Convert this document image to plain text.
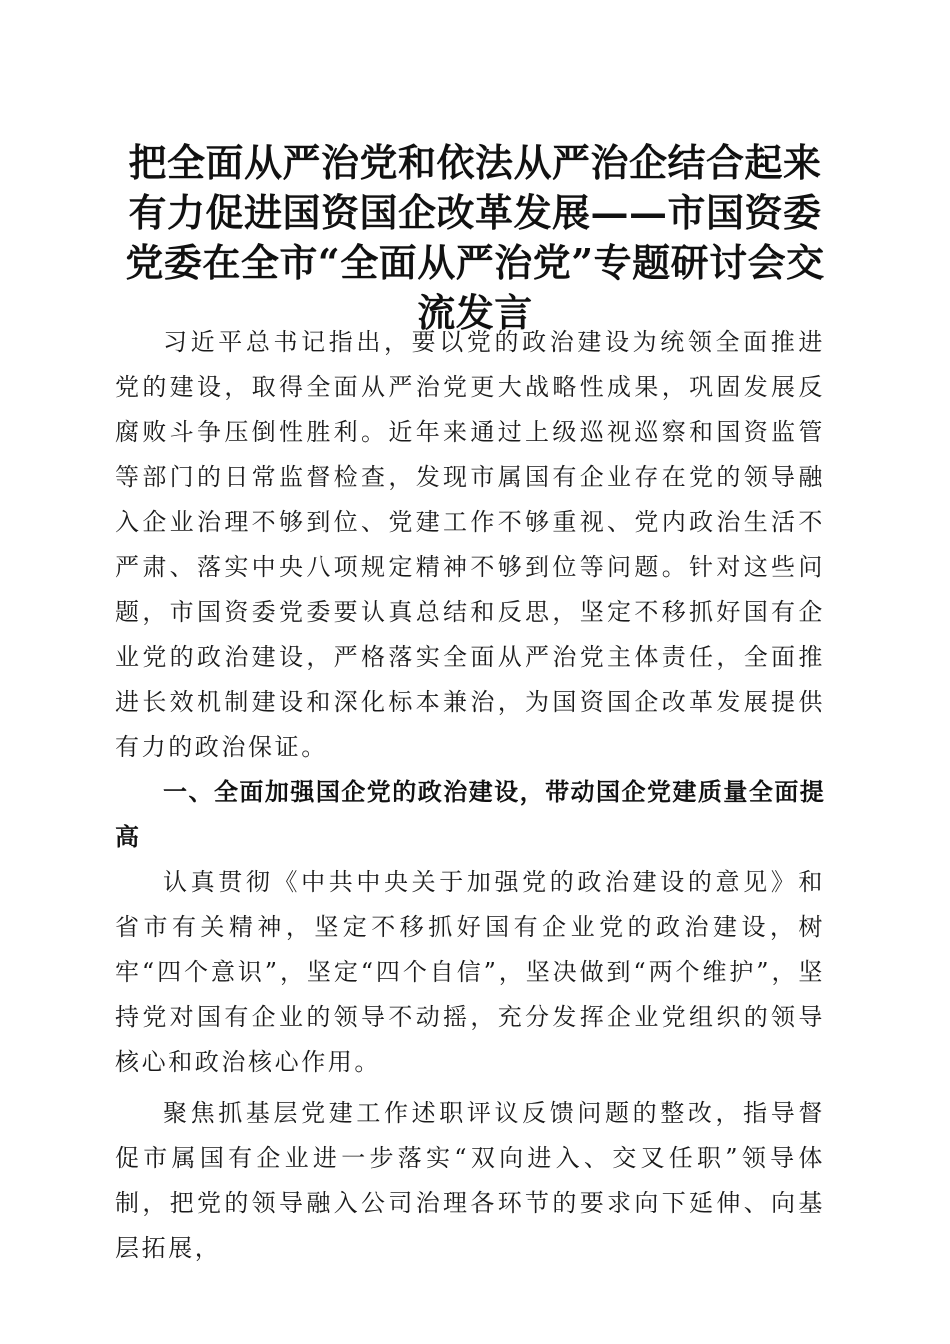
把全面从严治党和依法从严治企结合起来有力促进国资国企改革发展——市国资委党委在全市“全面从严治党”专题研讨会交流发言

习近平总书记指出，要以党的政治建设为统领全面推进党的建设，取得全面从严治党更大战略性成果，巩固发展反腐败斗争压倒性胜利。近年来通过上级巡视巡察和国资监管等部门的日常监督检查，发现市属国有企业存在党的领导融入企业治理不够到位、党建工作不够重视、党内政治生活不严肃、落实中央八项规定精神不够到位等问题。针对这些问题，市国资委党委要认真总结和反思，坚定不移抓好国有企业党的政治建设，严格落实全面从严治党主体责任，全面推进长效机制建设和深化标本兼治，为国资国企改革发展提供有力的政治保证。

一、全面加强国企党的政治建设，带动国企党建质量全面提高

认真贯彻《中共中央关于加强党的政治建设的意见》和省市有关精神，坚定不移抓好国有企业党的政治建设，树牢“四个意识”，坚定“四个自信”，坚决做到“两个维护”，坚持党对国有企业的领导不动摇，充分发挥企业党组织的领导核心和政治核心作用。

聚焦抓基层党建工作述职评议反馈问题的整改，指导督促市属国有企业进一步落实“双向进入、交叉任职”领导体制，把党的领导融入公司治理各环节的要求向下延伸、向基层拓展，
